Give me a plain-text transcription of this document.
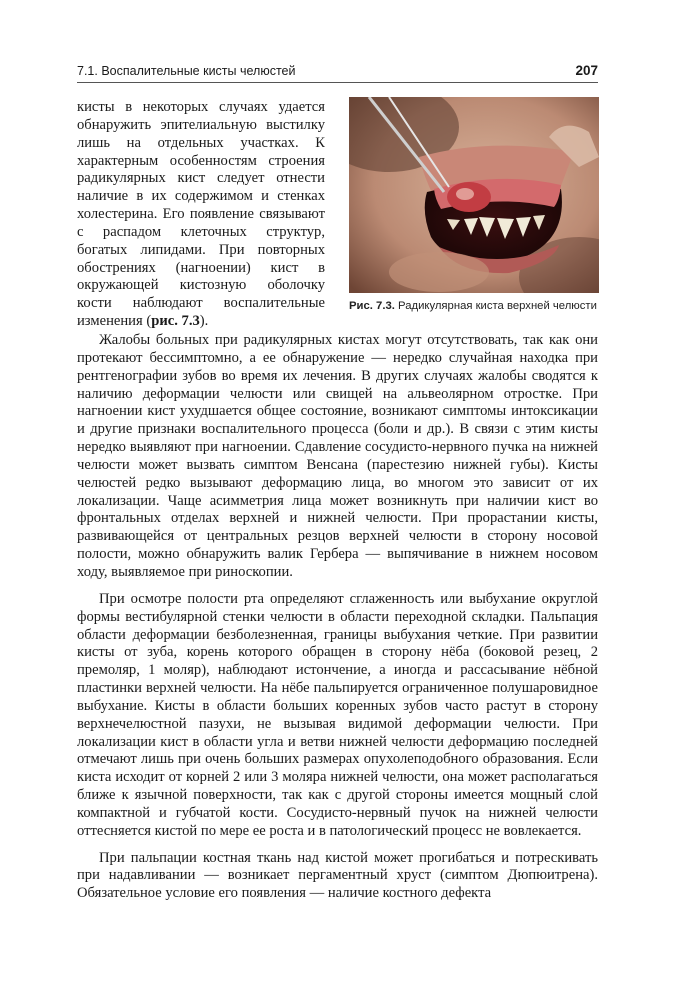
7.1. Воспалительные кисты челюстей	207
Рис. 7.3. Радикулярная киста верхней челюсти

кисты в некоторых случаях удается обнаружить эпителиальную выстилку лишь на отдельных участках. К характерным особенностям строения радикулярных кист следует отнести наличие в их содержимом и стенках холестерина. Его появление связывают с распадом клеточных структур, богатых липидами. При повторных обострениях (нагноении) кист в окружающей кистозную оболочку кости наблюдают воспалительные изменения (рис. 7.3).

Жалобы больных при радикулярных кистах могут отсутствовать, так как они протекают бессимптомно, а ее обнаружение — нередко случайная находка при рентгенографии зубов во время их лечения. В других случаях жалобы сводятся к наличию деформации челюсти или свищей на альвеолярном отростке. При нагноении кист ухудшается общее состояние, возникают симптомы интоксикации и другие признаки воспалительного процесса (боли и др.). В связи с этим кисты нередко выявляют при нагноении. Сдавление сосудисто-нервного пучка на нижней челюсти может вызвать симптом Венсана (парестезию нижней губы). Кисты челюстей редко вызывают деформацию лица, во многом это зависит от их локализации. Чаще асимметрия лица может возникнуть при наличии кист во фронтальных отделах верхней и нижней челюсти. При прорастании кисты, развивающейся от центральных резцов верхней челюсти в сторону носовой полости, можно обнаружить валик Гербера — выпячивание в нижнем носовом ходу, выявляемое при риноскопии.

При осмотре полости рта определяют сглаженность или выбухание округлой формы вестибулярной стенки челюсти в области переходной складки. Пальпация области деформации безболезненная, границы выбухания четкие. При развитии кисты от зуба, корень которого обращен в сторону нёба (боковой резец, 2 премоляр, 1 моляр), наблюдают истончение, а иногда и рассасывание нёбной пластинки верхней челюсти. На нёбе пальпируется ограниченное полушаровидное выбухание. Кисты в области больших коренных зубов часто растут в сторону верхнечелюстной пазухи, не вызывая видимой деформации челюсти. При локализации кист в области угла и ветви нижней челюсти деформацию последней отмечают лишь при очень больших размерах опухолеподобного образования. Если киста исходит от корней 2 или 3 моляра нижней челюсти, она может располагаться ближе к язычной поверхности, так как с другой стороны имеется мощный слой компактной и губчатой кости. Сосудисто-нервный пучок на нижней челюсти оттесняется кистой по мере ее роста и в патологический процесс не вовлекается.

При пальпации костная ткань над кистой может прогибаться и потрескивать при надавливании — возникает пергаментный хруст (симптом Дюпюитрена). Обязательное условие его появления — наличие костного дефекта
